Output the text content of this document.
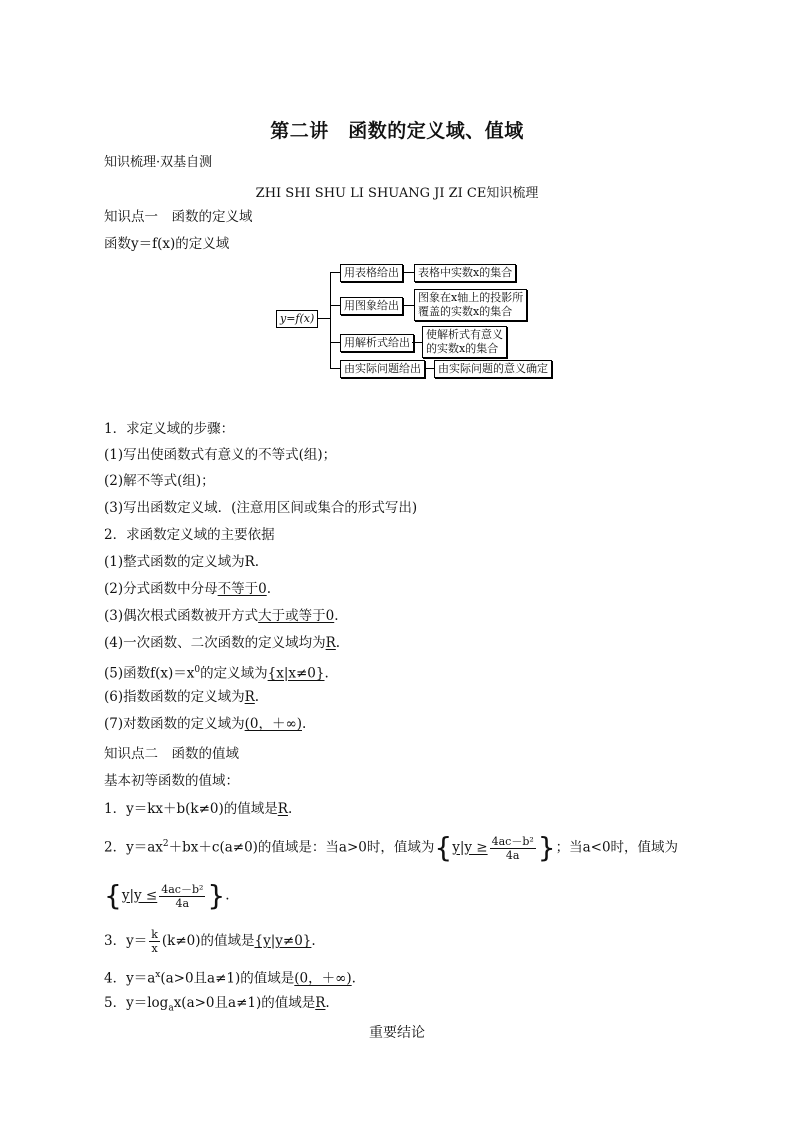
第二讲　函数的定义域、值域
知识梳理·双基自测
ZHI SHI SHU LI SHUANG JI ZI CE知识梳理
知识点一　函数的定义域
函数y＝f(x)的定义域
y=f(x)
用表格给出	表格中实数x的集合
用图象给出
图象在x轴上的投影所
覆盖的实数x的集合
用解析式给出
使解析式有意义
的实数x的集合
由实际问题给出	由实际问题的意义确定
1．求定义域的步骤：
(1)写出使函数式有意义的不等式(组)；
(2)解不等式(组)；
(3)写出函数定义域．(注意用区间或集合的形式写出)
2．求函数定义域的主要依据
(1)整式函数的定义域为R.
(2)分式函数中分母不等于0.
(3)偶次根式函数被开方式大于或等于0.
(4)一次函数、二次函数的定义域均为R.
(5)函数$f(x)=x^0$的定义域为{x|x≠0}.
(6)指数函数的定义域为R.
(7)对数函数的定义域为(0，＋∞).
知识点二　函数的值域
基本初等函数的值域：
1．y＝kx＋b(k≠0)的值域是R.
2．$y=ax^2+bx+c(a\ne 0)$的值域是：当a>0时，值域为{$y|y \ge \frac{\text{4ac－b²}}{4a}$ }；当a<0时，值域为
{$y|y \le \frac{\text{4ac－b²}}{4a}$ }.
3．$y= \frac{k}{x} (k\ne 0)$的值域是{y|y≠0}.
4．$y=a^x(a>0$且a≠1)的值域是(0，＋∞).
5．$y=\log_ax(a>0$且a≠1)的值域是R.
重要结论
